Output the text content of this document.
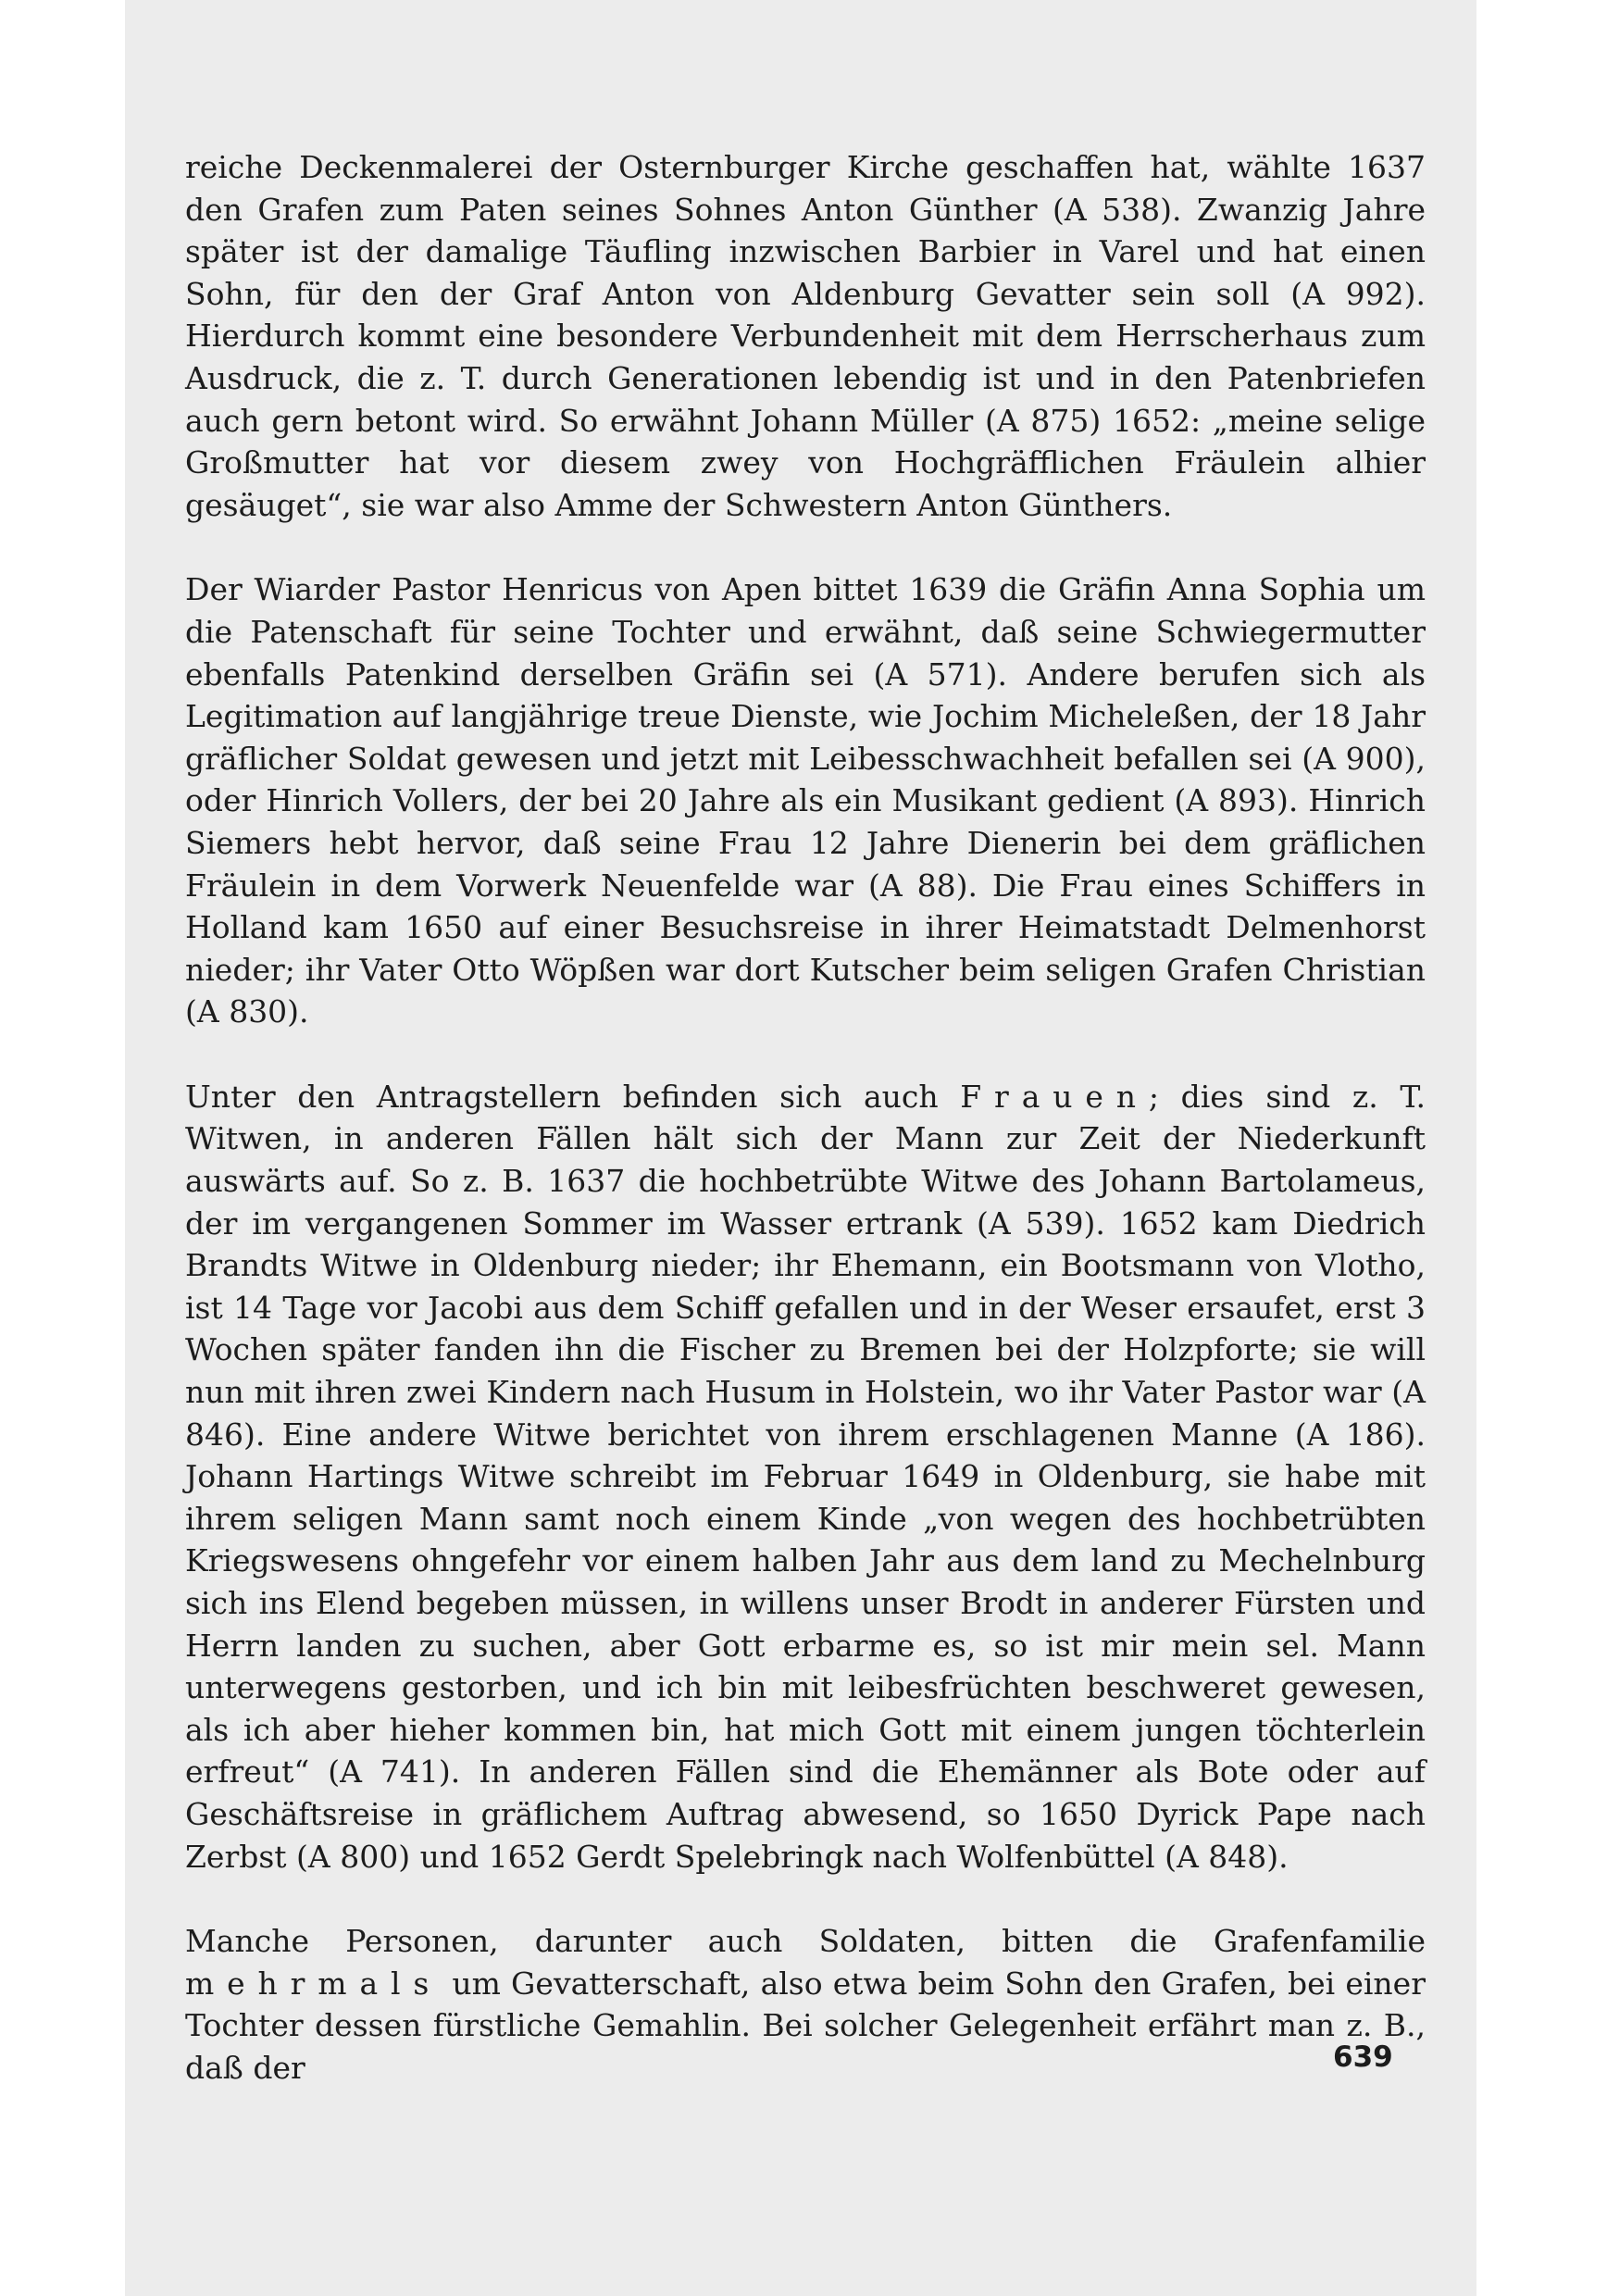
reiche Deckenmalerei der Osternburger Kirche geschaffen hat, wählte 1637 den Grafen zum Paten seines Sohnes Anton Günther (A 538). Zwanzig Jahre später ist der damalige Täufling inzwischen Barbier in Varel und hat einen Sohn, für den der Graf Anton von Aldenburg Gevatter sein soll (A 992). Hierdurch kommt eine besondere Verbundenheit mit dem Herrscherhaus zum Ausdruck, die z. T. durch Generationen lebendig ist und in den Patenbriefen auch gern betont wird. So erwähnt Johann Müller (A 875) 1652: „meine selige Großmutter hat vor diesem zwey von Hochgräfflichen Fräulein alhier gesäuget“, sie war also Amme der Schwestern Anton Günthers.

Der Wiarder Pastor Henricus von Apen bittet 1639 die Gräfin Anna Sophia um die Patenschaft für seine Tochter und erwähnt, daß seine Schwiegermutter ebenfalls Patenkind derselben Gräfin sei (A 571). Andere berufen sich als Legitimation auf langjährige treue Dienste, wie Jochim Micheleßen, der 18 Jahr gräflicher Soldat gewesen und jetzt mit Leibesschwachheit befallen sei (A 900), oder Hinrich Vollers, der bei 20 Jahre als ein Musikant gedient (A 893). Hinrich Siemers hebt hervor, daß seine Frau 12 Jahre Dienerin bei dem gräflichen Fräulein in dem Vorwerk Neuenfelde war (A 88). Die Frau eines Schiffers in Holland kam 1650 auf einer Besuchsreise in ihrer Heimatstadt Delmenhorst nieder; ihr Vater Otto Wöpßen war dort Kutscher beim seligen Grafen Christian (A 830).

Unter den Antragstellern befinden sich auch Frauen; dies sind z. T. Witwen, in anderen Fällen hält sich der Mann zur Zeit der Niederkunft auswärts auf. So z. B. 1637 die hochbetrübte Witwe des Johann Bartolameus, der im vergangenen Sommer im Wasser ertrank (A 539). 1652 kam Diedrich Brandts Witwe in Oldenburg nieder; ihr Ehemann, ein Bootsmann von Vlotho, ist 14 Tage vor Jacobi aus dem Schiff gefallen und in der Weser ersaufet, erst 3 Wochen später fanden ihn die Fischer zu Bremen bei der Holzpforte; sie will nun mit ihren zwei Kindern nach Husum in Holstein, wo ihr Vater Pastor war (A 846). Eine andere Witwe berichtet von ihrem erschlagenen Manne (A 186). Johann Hartings Witwe schreibt im Februar 1649 in Oldenburg, sie habe mit ihrem seligen Mann samt noch einem Kinde „von wegen des hochbetrübten Kriegswesens ohngefehr vor einem halben Jahr aus dem land zu Mechelnburg sich ins Elend begeben müssen, in willens unser Brodt in anderer Fürsten und Herrn landen zu suchen, aber Gott erbarme es, so ist mir mein sel. Mann unterwegens gestorben, und ich bin mit leibesfrüchten beschweret gewesen, als ich aber hieher kommen bin, hat mich Gott mit einem jungen töchterlein erfreut“ (A 741). In anderen Fällen sind die Ehemänner als Bote oder auf Geschäftsreise in gräflichem Auftrag abwesend, so 1650 Dyrick Pape nach Zerbst (A 800) und 1652 Gerdt Spelebringk nach Wolfenbüttel (A 848).

Manche Personen, darunter auch Soldaten, bitten die Grafenfamilie mehrmals um Gevatterschaft, also etwa beim Sohn den Grafen, bei einer Tochter dessen fürstliche Gemahlin. Bei solcher Gelegenheit erfährt man z. B., daß der	639
